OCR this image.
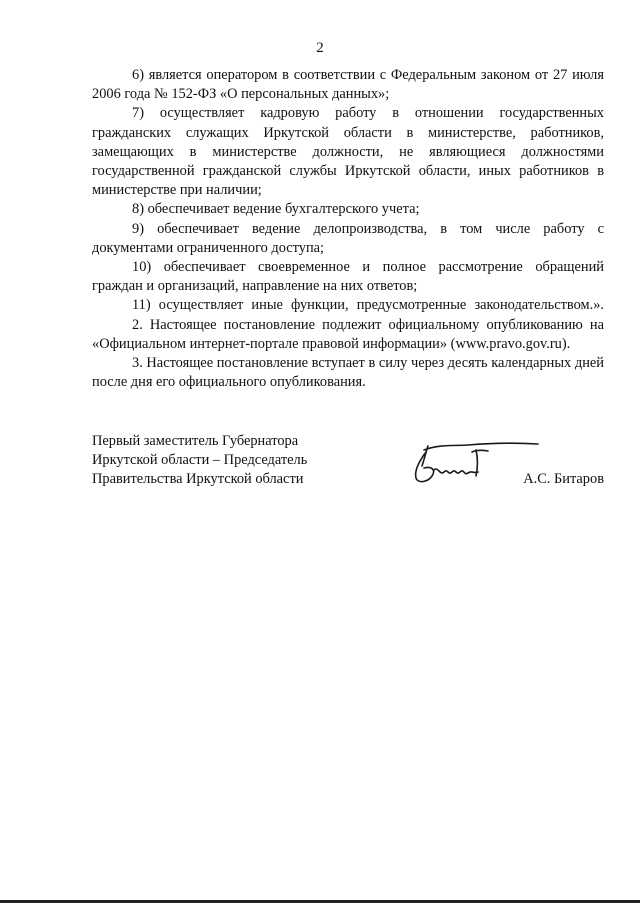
2

6) является оператором в соответствии с Федеральным законом от 27 июля 2006 года № 152-ФЗ «О персональных данных»;

7) осуществляет кадровую работу в отношении государственных гражданских служащих Иркутской области в министерстве, работников, замещающих в министерстве должности, не являющиеся должностями государственной гражданской службы Иркутской области, иных работников в министерстве при наличии;

8) обеспечивает ведение бухгалтерского учета;

9) обеспечивает ведение делопроизводства, в том числе работу с документами ограниченного доступа;

10) обеспечивает своевременное и полное рассмотрение обращений граждан и организаций, направление на них ответов;

11) осуществляет иные функции, предусмотренные законодательством.».

2. Настоящее постановление подлежит официальному опубликованию на «Официальном интернет-портале правовой информации» (www.pravo.gov.ru).

3. Настоящее постановление вступает в силу через десять календарных дней после дня его официального опубликования.

Первый заместитель Губернатора
Иркутской области – Председатель
Правительства Иркутской области	А.С. Битаров
